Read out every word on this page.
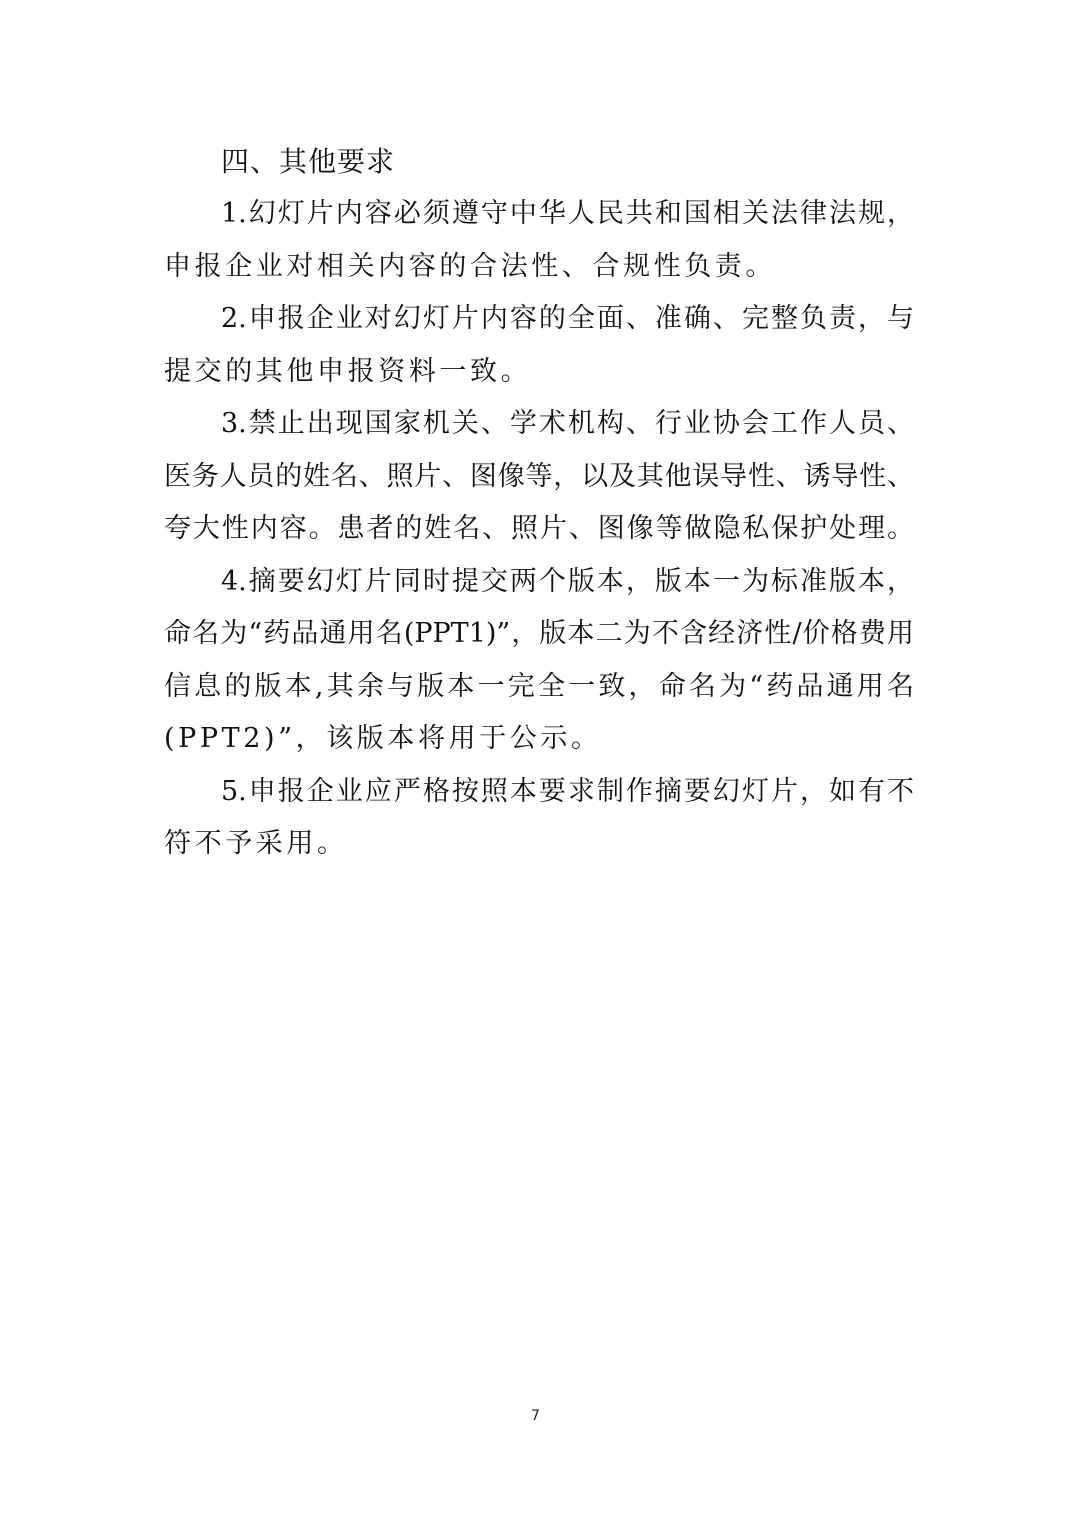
四、其他要求
1.幻灯片内容必须遵守中华人民共和国相关法律法规，
申报企业对相关内容的合法性、合规性负责。
2.申报企业对幻灯片内容的全面、准确、完整负责，与
提交的其他申报资料一致。
3.禁止出现国家机关、学术机构、行业协会工作人员、
医务人员的姓名、照片、图像等，以及其他误导性、诱导性、
夸大性内容。患者的姓名、照片、图像等做隐私保护处理。
4.摘要幻灯片同时提交两个版本，版本一为标准版本，
命名为“药品通用名(PPT1)”，版本二为不含经济性/价格费用
信息的版本,其余与版本一完全一致，命名为“药品通用名
(PPT2)”，该版本将用于公示。
5.申报企业应严格按照本要求制作摘要幻灯片，如有不
符不予采用。
7
